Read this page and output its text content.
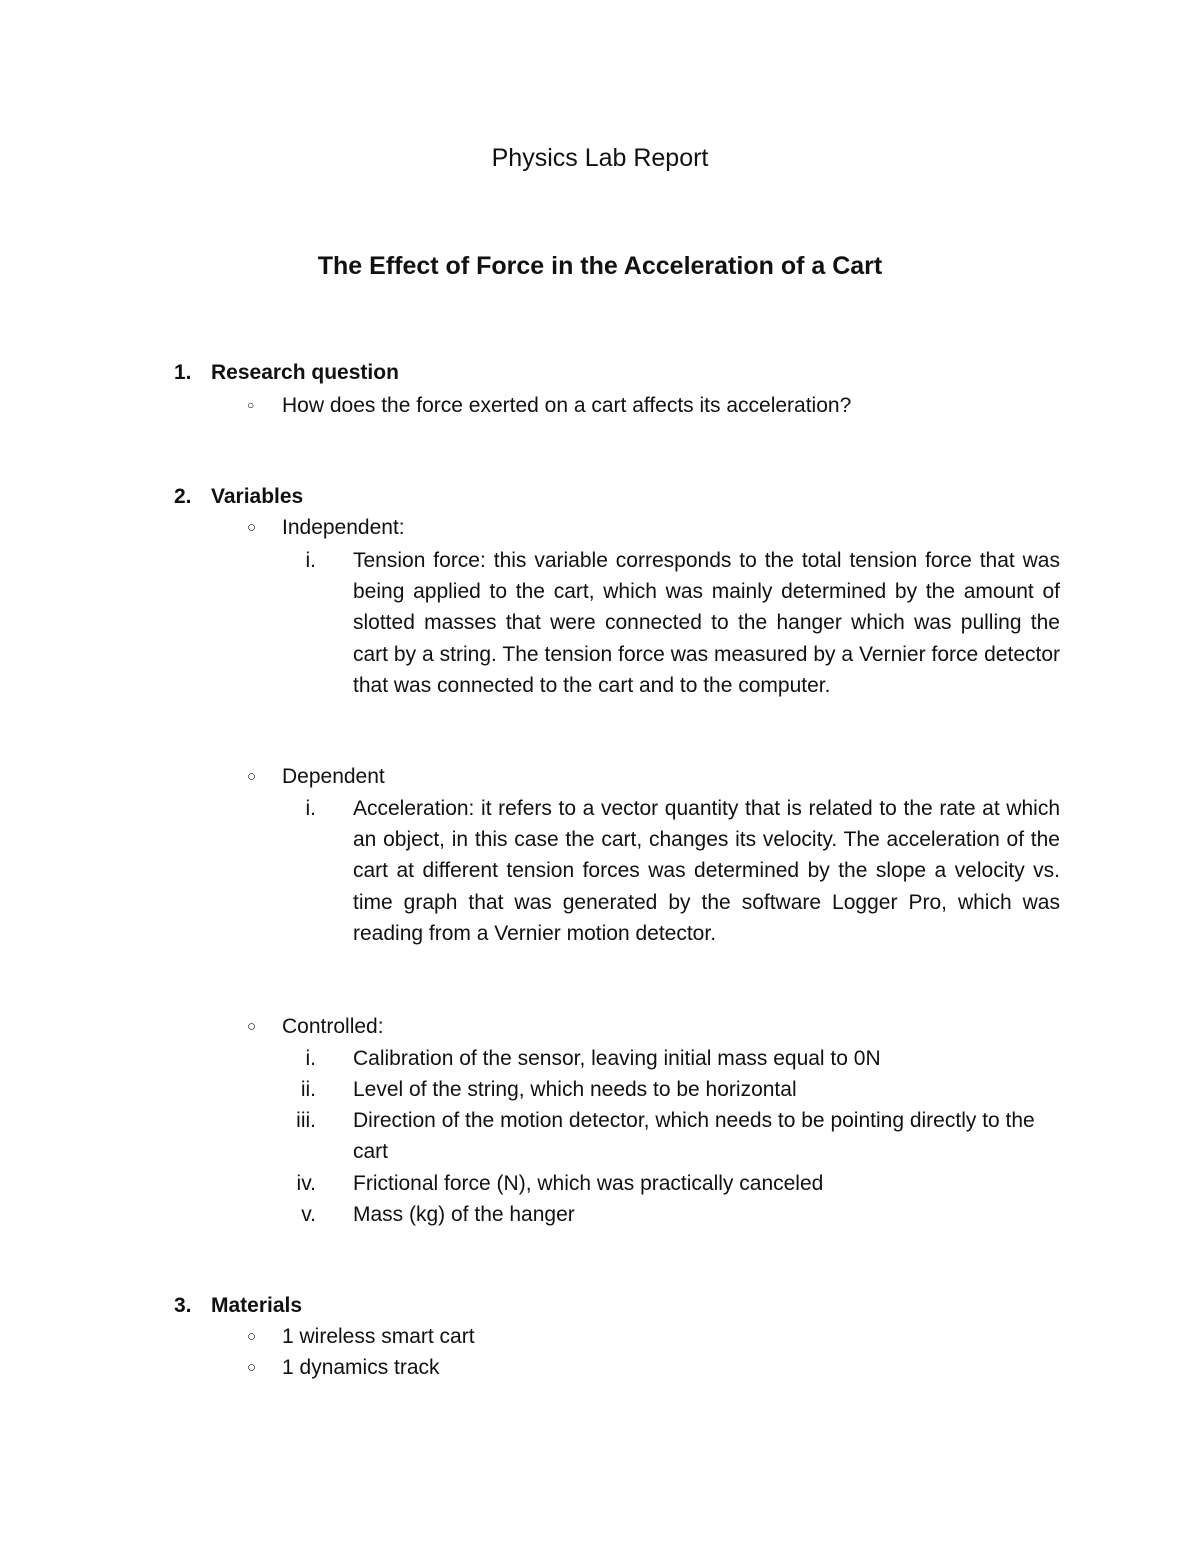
Physics Lab Report
The Effect of Force in the Acceleration of a Cart
1. Research question
○ How does the force exerted on a cart affects its acceleration?
2. Variables
○ Independent:
i. Tension force: this variable corresponds to the total tension force that was being applied to the cart, which was mainly determined by the amount of slotted masses that were connected to the hanger which was pulling the cart by a string. The tension force was measured by a Vernier force detector that was connected to the cart and to the computer.
○ Dependent
i. Acceleration: it refers to a vector quantity that is related to the rate at which an object, in this case the cart, changes its velocity. The acceleration of the cart at different tension forces was determined by the slope a velocity vs. time graph that was generated by the software Logger Pro, which was reading from a Vernier motion detector.
○ Controlled:
i. Calibration of the sensor, leaving initial mass equal to 0N
ii. Level of the string, which needs to be horizontal
iii. Direction of the motion detector, which needs to be pointing directly to the cart
iv. Frictional force (N), which was practically canceled
v. Mass (kg) of the hanger
3. Materials
○ 1 wireless smart cart
○ 1 dynamics track
